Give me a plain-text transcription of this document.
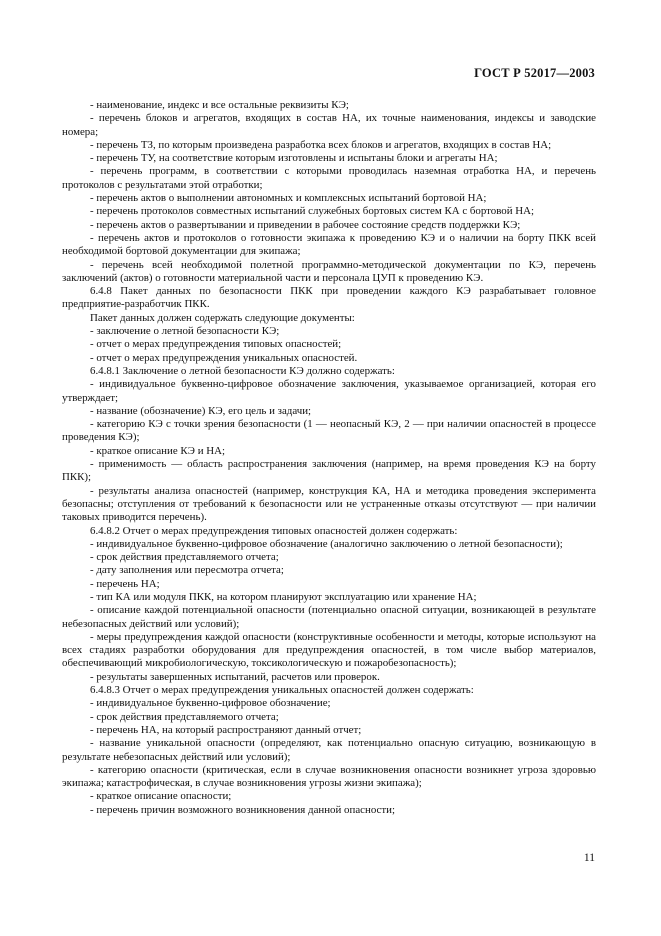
ГОСТ Р 52017—2003

- наименование, индекс и все остальные реквизиты КЭ;

- перечень блоков и агрегатов, входящих в состав НА, их точные наименования, индексы и заводские номера;

- перечень ТЗ, по которым произведена разработка всех блоков и агрегатов, входящих в состав НА;

- перечень ТУ, на соответствие которым изготовлены и испытаны блоки и агрегаты НА;

- перечень программ, в соответствии с которыми проводилась наземная отработка НА, и перечень протоколов с результатами этой отработки;

- перечень актов о выполнении автономных и комплексных испытаний бортовой НА;

- перечень протоколов совместных испытаний служебных бортовых систем КА с бортовой НА;

- перечень актов о развертывании и приведении в рабочее состояние средств поддержки КЭ;

- перечень актов и протоколов о готовности экипажа к проведению КЭ и о наличии на борту ПКК всей необходимой бортовой документации для экипажа;

- перечень всей необходимой полетной программно-методической документации по КЭ, перечень заключений (актов) о готовности материальной части и персонала ЦУП к проведению КЭ.

6.4.8 Пакет данных по безопасности ПКК при проведении каждого КЭ разрабатывает головное предприятие-разработчик ПКК.

Пакет данных должен содержать следующие документы:

- заключение о летной безопасности КЭ;

- отчет о мерах предупреждения типовых опасностей;

- отчет о мерах предупреждения уникальных опасностей.

6.4.8.1 Заключение о летной безопасности КЭ должно содержать:

- индивидуальное буквенно-цифровое обозначение заключения, указываемое организацией, которая его утверждает;

- название (обозначение) КЭ, его цель и задачи;

- категорию КЭ с точки зрения безопасности (1 — неопасный КЭ, 2 — при наличии опасностей в процессе проведения КЭ);

- краткое описание КЭ и НА;

- применимость — область распространения заключения (например, на время проведения КЭ на борту ПКК);

- результаты анализа опасностей (например, конструкция КА, НА и методика проведения эксперимента безопасны; отступления от требований к безопасности или не устраненные отказы отсутствуют — при наличии таковых приводится перечень).

6.4.8.2 Отчет о мерах предупреждения типовых опасностей должен содержать:

- индивидуальное буквенно-цифровое обозначение (аналогично заключению о летной безопасности);

- срок действия представляемого отчета;

- дату заполнения или пересмотра отчета;

- перечень НА;

- тип КА или модуля ПКК, на котором планируют эксплуатацию или хранение НА;

- описание каждой потенциальной опасности (потенциально опасной ситуации, возникающей в результате небезопасных действий или условий);

- меры предупреждения каждой опасности (конструктивные особенности и методы, которые используют на всех стадиях разработки оборудования для предупреждения опасностей, в том числе выбор материалов, обеспечивающий микробиологическую, токсикологическую и пожаробезопасность);

- результаты завершенных испытаний, расчетов или проверок.

6.4.8.3 Отчет о мерах предупреждения уникальных опасностей должен содержать:

- индивидуальное буквенно-цифровое обозначение;

- срок действия представляемого отчета;

- перечень НА, на который распространяют данный отчет;

- название уникальной опасности (определяют, как потенциально опасную ситуацию, возникающую в результате небезопасных действий или условий);

- категорию опасности (критическая, если в случае возникновения опасности возникнет угроза здоровью экипажа; катастрофическая, в случае возникновения угрозы жизни экипажа);

- краткое описание опасности;

- перечень причин возможного возникновения данной опасности;

11
